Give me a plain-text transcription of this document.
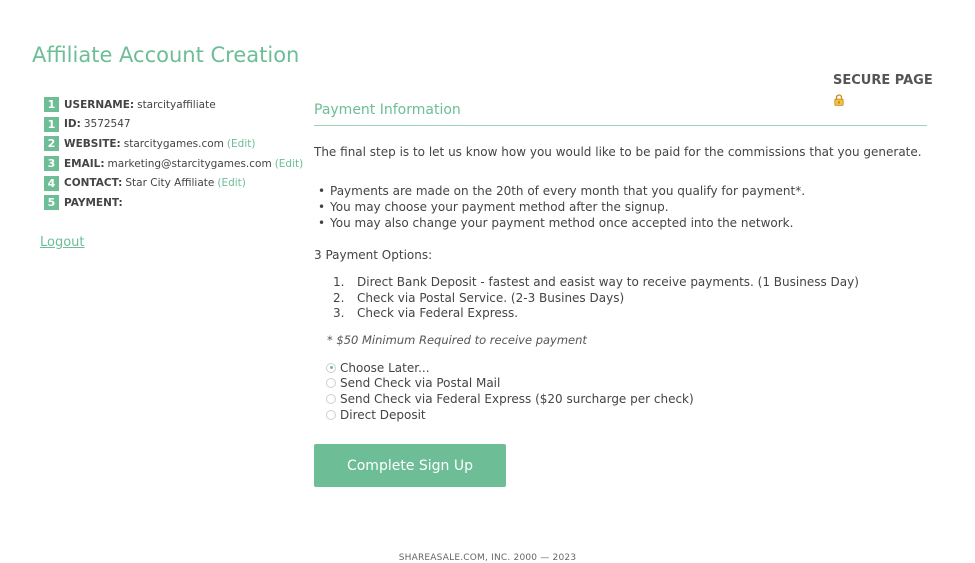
Affiliate Account Creation
1 USERNAME: starcityaffiliate
1 ID: 3572547
2 WEBSITE: starcitygames.com (Edit)
3 EMAIL: marketing@starcitygames.com (Edit)
4 CONTACT: Star City Affiliate (Edit)
5 PAYMENT:
Logout
SECURE PAGE
Payment Information
The final step is to let us know how you would like to be paid for the commissions that you generate.
• Payments are made on the 20th of every month that you qualify for payment*.
• You may choose your payment method after the signup.
• You may also change your payment method once accepted into the network.
3 Payment Options:
1. Direct Bank Deposit - fastest and easist way to receive payments. (1 Business Day)
2. Check via Postal Service. (2-3 Busines Days)
3. Check via Federal Express.
* $50 Minimum Required to receive payment
Choose Later...
Send Check via Postal Mail
Send Check via Federal Express ($20 surcharge per check)
Direct Deposit
Complete Sign Up
SHAREASALE.COM, INC. 2000 — 2023
